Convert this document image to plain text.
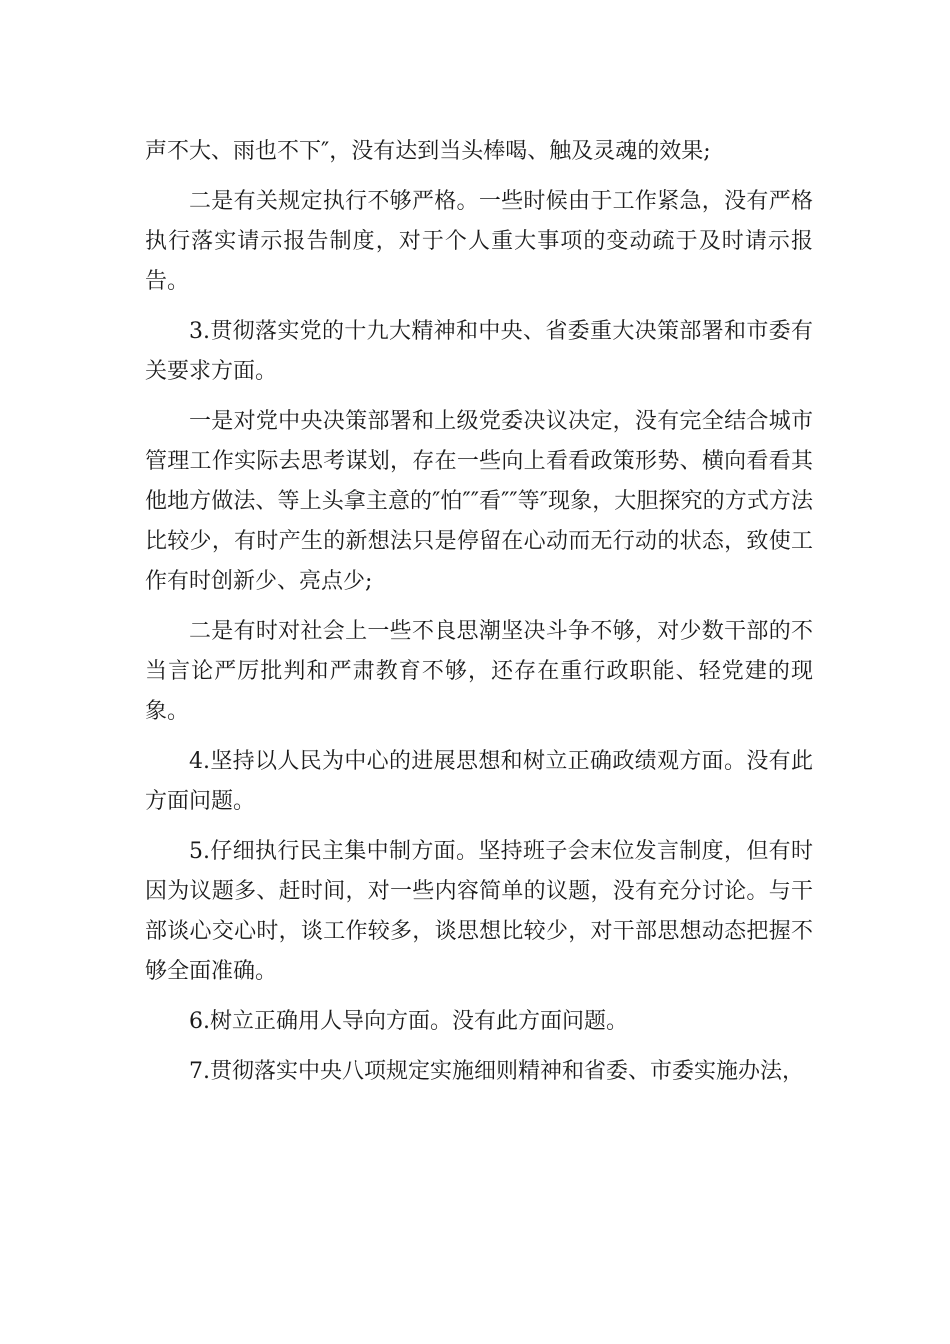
声不大、雨也不下″，没有达到当头棒喝、触及灵魂的效果;

二是有关规定执行不够严格。一些时候由于工作紧急，没有严格执行落实请示报告制度，对于个人重大事项的变动疏于及时请示报告。

3.贯彻落实党的十九大精神和中央、省委重大决策部署和市委有关要求方面。

一是对党中央决策部署和上级党委决议决定，没有完全结合城市管理工作实际去思考谋划，存在一些向上看看政策形势、横向看看其他地方做法、等上头拿主意的″怕″″看″″等″现象，大胆探究的方式方法比较少，有时产生的新想法只是停留在心动而无行动的状态，致使工作有时创新少、亮点少;

二是有时对社会上一些不良思潮坚决斗争不够，对少数干部的不当言论严厉批判和严肃教育不够，还存在重行政职能、轻党建的现象。

4.坚持以人民为中心的进展思想和树立正确政绩观方面。没有此方面问题。

5.仔细执行民主集中制方面。坚持班子会末位发言制度，但有时因为议题多、赶时间，对一些内容简单的议题，没有充分讨论。与干部谈心交心时，谈工作较多，谈思想比较少，对干部思想动态把握不够全面准确。

6.树立正确用人导向方面。没有此方面问题。

7.贯彻落实中央八项规定实施细则精神和省委、市委实施办法，
